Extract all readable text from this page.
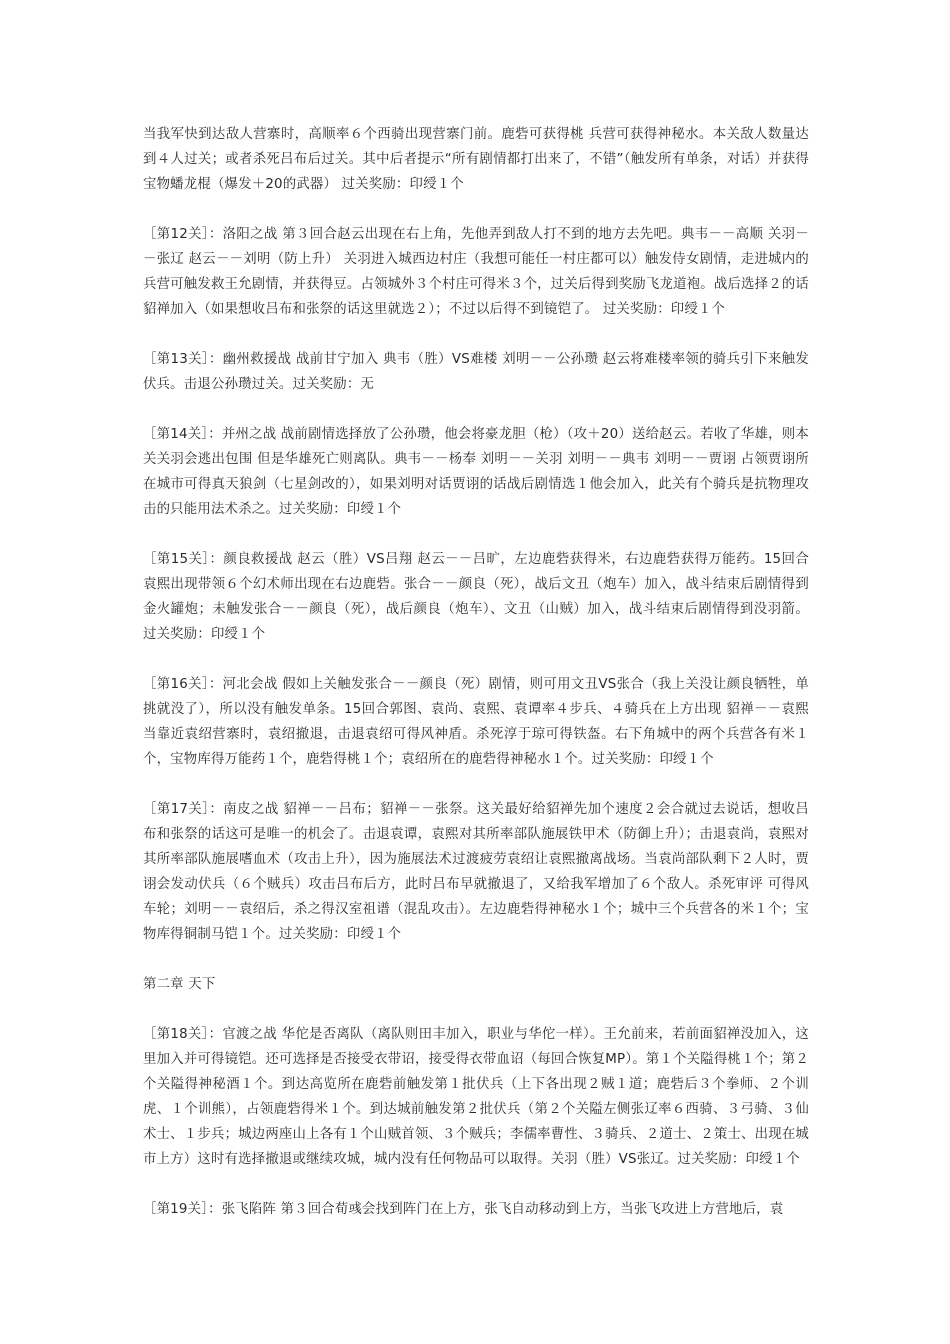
当我军快到达敌人营寨时，高顺率６个西骑出现营寨门前。鹿砦可获得桃 兵营可获得神秘水。本关敌人数量达到４人过关；或者杀死吕布后过关。其中后者提示“所有剧情都打出来了，不错”（触发所有单条，对话）并获得宝物蟠龙棍（爆发＋20的武器） 过关奖励：印绶１个

［第12关］：洛阳之战 第３回合赵云出现在右上角，先他弄到敌人打不到的地方去先吧。典韦－－高顺 关羽－－张辽 赵云－－刘明（防上升） 关羽进入城西边村庄（我想可能任一村庄都可以）触发侍女剧情，走进城内的兵营可触发救王允剧情，并获得豆。占领城外３个村庄可得米３个，过关后得到奖励飞龙道袍。战后选择２的话貂禅加入（如果想收吕布和张祭的话这里就选２）；不过以后得不到镜铠了。 过关奖励：印绶１个

［第13关］：幽州救援战 战前甘宁加入 典韦（胜）VS难楼 刘明－－公孙瓒 赵云将难楼率领的骑兵引下来触发伏兵。击退公孙瓒过关。过关奖励：无

［第14关］：并州之战 战前剧情选择放了公孙瓒，他会将豪龙胆（枪）（攻＋20）送给赵云。若收了华雄，则本关关羽会逃出包围 但是华雄死亡则离队。典韦－－杨奉 刘明－－关羽 刘明－－典韦 刘明－－贾诩 占领贾诩所在城市可得真天狼剑（七星剑改的），如果刘明对话贾诩的话战后剧情选１他会加入，此关有个骑兵是抗物理攻击的只能用法术杀之。过关奖励：印绶１个

［第15关］：颜良救援战 赵云（胜）VS吕翔 赵云－－吕旷，左边鹿砦获得米，右边鹿砦获得万能药。15回合袁熙出现带领６个幻术师出现在右边鹿砦。张合－－颜良（死），战后文丑（炮车）加入，战斗结束后剧情得到金火罐炮；未触发张合－－颜良（死），战后颜良（炮车）、文丑（山贼）加入，战斗结束后剧情得到没羽箭。 过关奖励：印绶１个

［第16关］：河北会战 假如上关触发张合－－颜良（死）剧情，则可用文丑VS张合（我上关没让颜良牺牲，单挑就没了），所以没有触发单条。15回合郭图、袁尚、袁熙、袁谭率４步兵、４骑兵在上方出现 貂禅－－袁熙 当靠近袁绍营寨时，袁绍撤退，击退袁绍可得风神盾。杀死淳于琼可得铁盔。右下角城中的两个兵营各有米１个，宝物库得万能药１个，鹿砦得桃１个；袁绍所在的鹿砦得神秘水１个。过关奖励：印绶１个

［第17关］：南皮之战 貂禅－－吕布；貂禅－－张祭。这关最好给貂禅先加个速度２会合就过去说话，想收吕布和张祭的话这可是唯一的机会了。击退袁谭，袁熙对其所率部队施展铁甲术（防御上升）；击退袁尚，袁熙对其所率部队施展嗜血术（攻击上升），因为施展法术过渡疲劳袁绍让袁熙撤离战场。当袁尚部队剩下２人时，贾诩会发动伏兵（６个贼兵）攻击吕布后方，此时吕布早就撤退了，又给我军增加了６个敌人。杀死审评 可得风车轮；刘明－－袁绍后，杀之得汉室祖谱（混乱攻击）。左边鹿砦得神秘水１个；城中三个兵营各的米１个；宝物库得铜制马铠１个。过关奖励：印绶１个

第二章 天下

［第18关］：官渡之战 华佗是否离队（离队则田丰加入，职业与华佗一样）。王允前来，若前面貂禅没加入，这里加入并可得镜铠。还可选择是否接受衣带诏，接受得衣带血诏（每回合恢复MP）。第１个关隘得桃１个；第２个关隘得神秘酒１个。到达高览所在鹿砦前触发第１批伏兵（上下各出现２贼１道；鹿砦后３个拳师、２个训虎、１个训熊），占领鹿砦得米１个。到达城前触发第２批伏兵（第２个关隘左侧张辽率６西骑、３弓骑、３仙术士、１步兵；城边两座山上各有１个山贼首领、３个贼兵；李儒率曹性、３骑兵、２道士、２策士、出现在城市上方）这时有选择撤退或继续攻城，城内没有任何物品可以取得。关羽（胜）VS张辽。过关奖励：印绶１个

［第19关］：张飞陷阵 第３回合荀彧会找到阵门在上方，张飞自动移动到上方，当张飞攻进上方营地后，袁
